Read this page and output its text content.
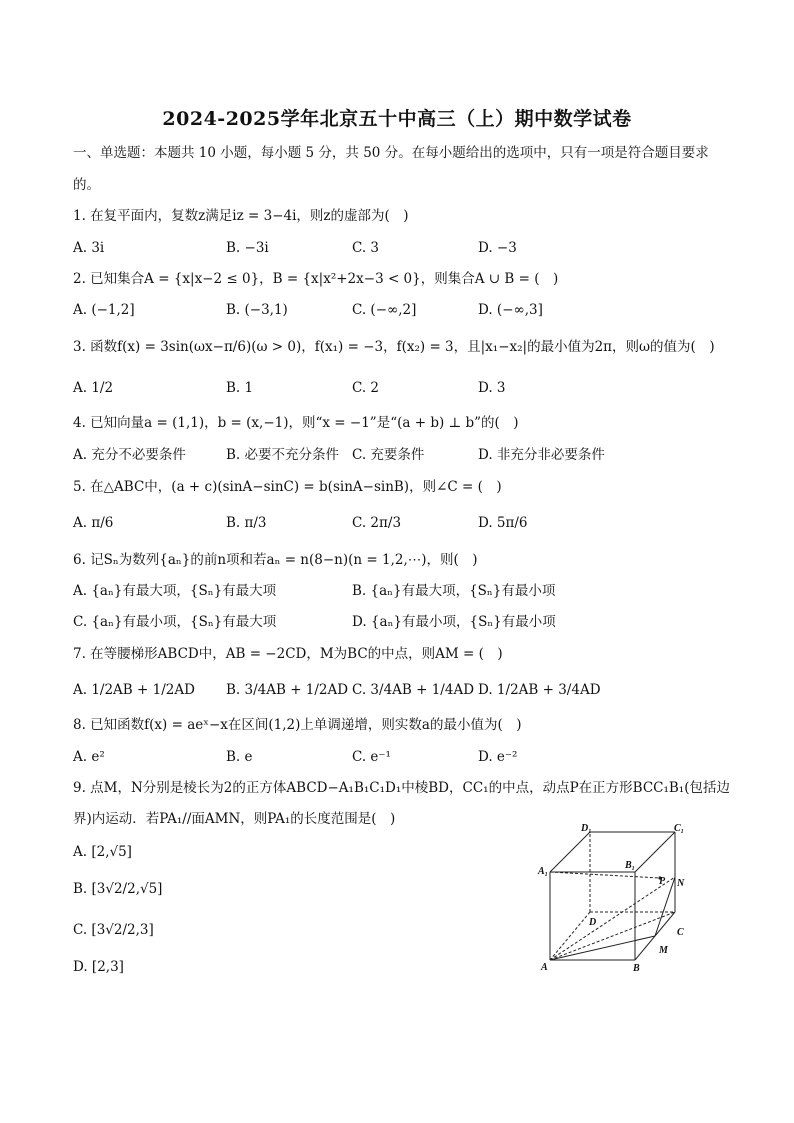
2024-2025学年北京五十中高三（上）期中数学试卷
一、单选题：本题共 10 小题，每小题 5 分，共 50 分。在每小题给出的选项中，只有一项是符合题目要求
的。
1. 在复平面内，复数z满足iz = 3−4i，则z的虚部为(　)
A. 3i	B. −3i	C. 3	D. −3
2. 已知集合A = {x|x−2 ≤ 0}，B = {x|x²+2x−3 < 0}，则集合A ∪ B = (　)
A. (−1,2]	B. (−3,1)	C. (−∞,2]	D. (−∞,3]
3. 函数f(x) = 3sin(ωx−π/6)(ω > 0)，f(x₁) = −3，f(x₂) = 3，且|x₁−x₂|的最小值为2π，则ω的值为(　)
A. 1/2	B. 1	C. 2	D. 3
4. 已知向量a = (1,1)，b = (x,−1)，则“x = −1”是“(a + b) ⊥ b”的(　)
A. 充分不必要条件	B. 必要不充分条件 C. 充要条件	D. 非充分非必要条件
5. 在△ABC中，(a + c)(sinA−sinC) = b(sinA−sinB)，则∠C = (　)
A. π/6	B. π/3	C. 2π/3	D. 5π/6
6. 记Sₙ为数列{aₙ}的前n项和若aₙ = n(8−n)(n = 1,2,⋯)，则(　)
A. {aₙ}有最大项，{Sₙ}有最大项	B. {aₙ}有最大项，{Sₙ}有最小项
C. {aₙ}有最小项，{Sₙ}有最大项	D. {aₙ}有最小项，{Sₙ}有最小项
7. 在等腰梯形ABCD中，AB = −2CD，M为BC的中点，则AM = (　)
A. 1/2AB + 1/2AD B. 3/4AB + 1/2AD C. 3/4AB + 1/4AD D. 1/2AB + 3/4AD
8. 已知函数f(x) = aeˣ−x在区间(1,2)上单调递增，则实数a的最小值为(　)
A. e²	B. e	C. e⁻¹	D. e⁻²
9. 点M，N分别是棱长为2的正方体ABCD−A₁B₁C₁D₁中棱BD，CC₁的中点，动点P在正方形BCC₁B₁(包括边
界)内运动．若PA₁//面AMN，则PA₁的长度范围是(　)
A. [2,√5]
B. [3√2/2,√5]
C. [3√2/2,3]
D. [2,3]
$D_1$	$C_1$
$A_1$
$B_1$
P N
D
C
A	B
M
